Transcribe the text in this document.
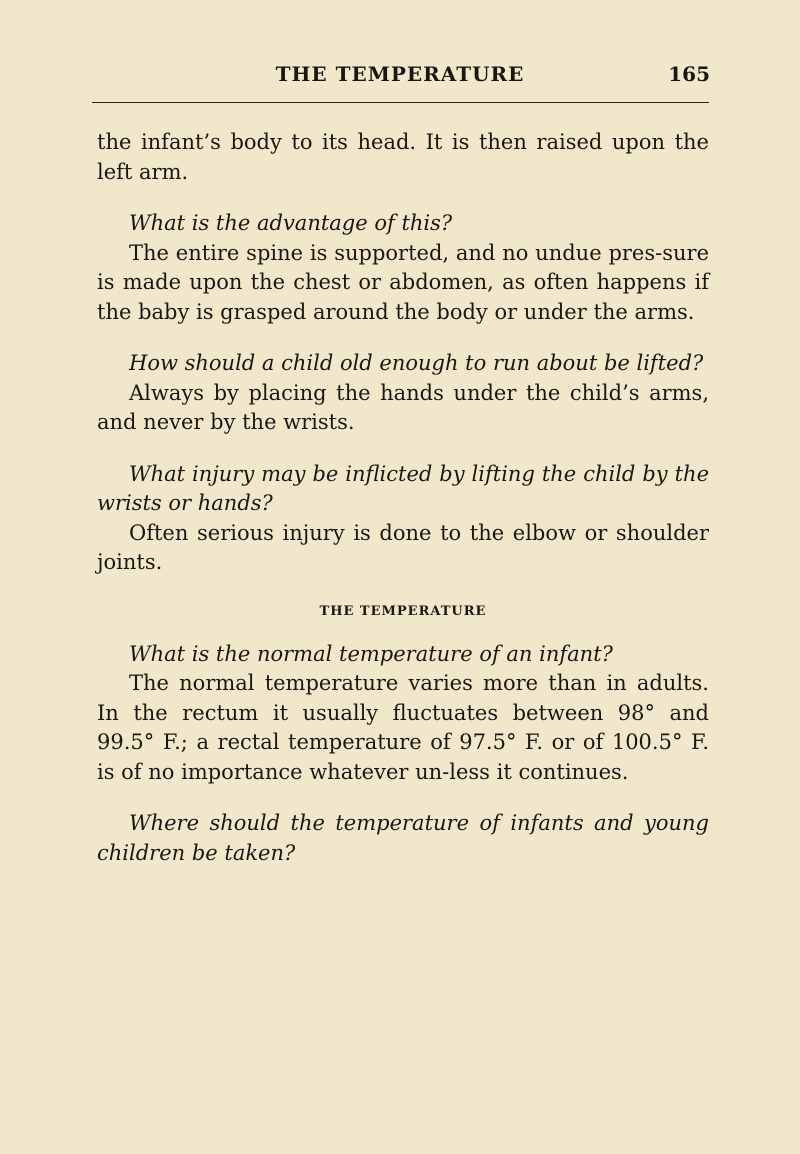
THE TEMPERATURE	165

the infant’s body to its head. It is then raised upon the left arm.

What is the advantage of this?

The entire spine is supported, and no undue pres-sure is made upon the chest or abdomen, as often happens if the baby is grasped around the body or under the arms.

How should a child old enough to run about be lifted?

Always by placing the hands under the child’s arms, and never by the wrists.

What injury may be inflicted by lifting the child by the wrists or hands?

Often serious injury is done to the elbow or shoulder joints.

THE TEMPERATURE

What is the normal temperature of an infant?

The normal temperature varies more than in adults. In the rectum it usually fluctuates between 98° and 99.5° F.; a rectal temperature of 97.5° F. or of 100.5° F. is of no importance whatever un-less it continues.

Where should the temperature of infants and young children be taken?
